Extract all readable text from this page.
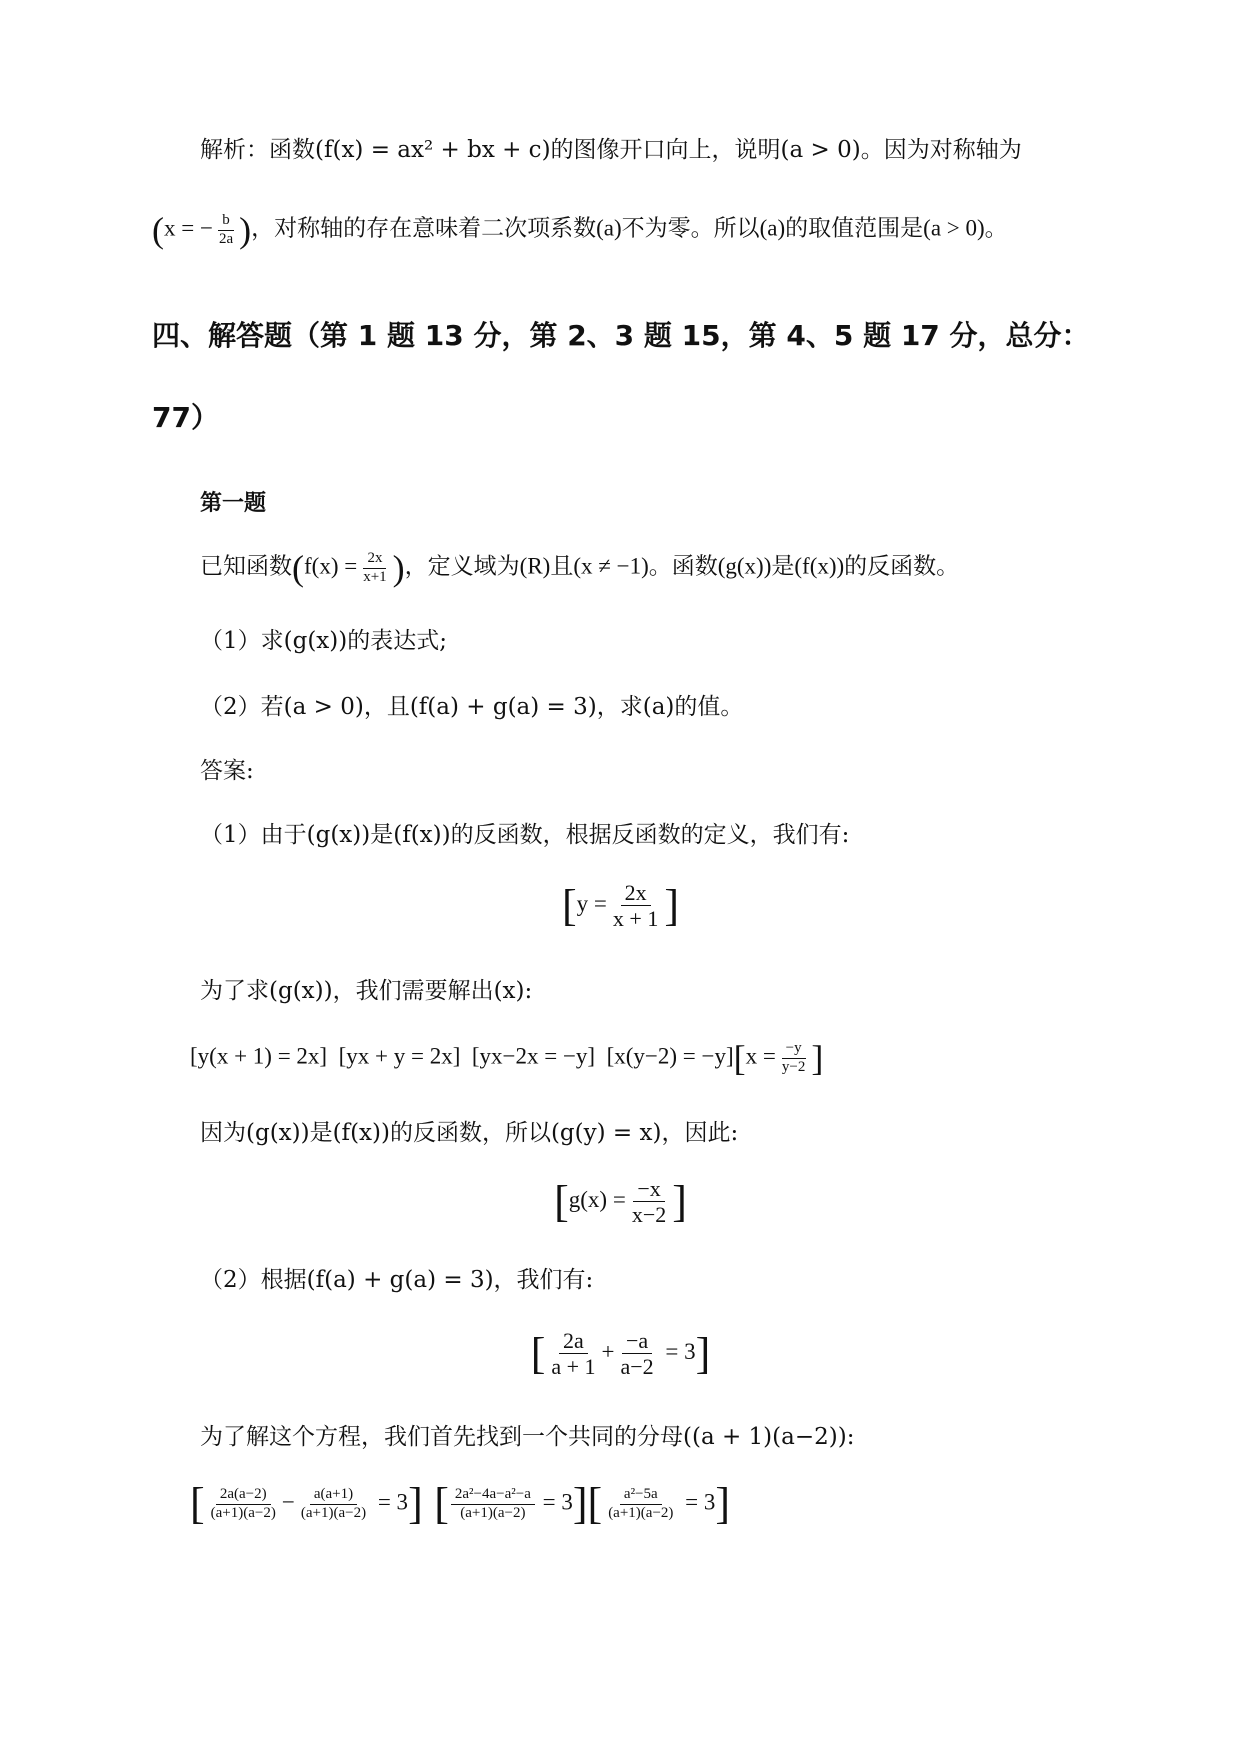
解析：函数(f(x) = ax² + bx + c)的图像开口向上，说明(a > 0)。因为对称轴为
(x = − $\frac{b}{2a}$ )，对称轴的存在意味着二次项系数(a)不为零。所以(a)的取值范围是(a > 0)。
四、解答题（第 1 题 13 分，第 2、3 题 15，第 4、5 题 17 分，总分：
77）
第一题
已知函数($f(x) = \frac{2x}{x+1}$ )，定义域为(R)且(x ≠ −1)。函数(g(x))是(f(x))的反函数。
（1）求(g(x))的表达式;
（2）若(a > 0)，且(f(a) + g(a) = 3)，求(a)的值。
答案:
（1）由于(g(x))是(f(x))的反函数，根据反函数的定义，我们有:
[$y = \frac{2x}{x + 1}$ ]
为了求(g(x))，我们需要解出(x):
[y(x + 1) = 2x] [yx + y = 2x] [yx−2x = −y] $[x(y-2) = -y][x = \frac{-y}{y-2}$ ]
因为(g(x))是(f(x))的反函数，所以(g(y) = x)，因此:
[$g(x) = \frac{-x}{x-2}$ ]
（2）根据(f(a) + g(a) = 3)，我们有:
[ $\frac{2a}{a + 1} + \frac{-a}{a-2} = 3$]
为了解这个方程，我们首先找到一个共同的分母((a + 1)(a−2)):
[ $\frac{2a(a-2)}{(a+1)(a-2)} - \frac{a(a+1)}{(a+1)(a-2)} = 3$] [ $\frac{\text{2a²−4a−a²−a}}{(a+1)(a-2)} = 3][ \frac{\text{a²−5a}}{(a+1)(a-2)} = 3]$
